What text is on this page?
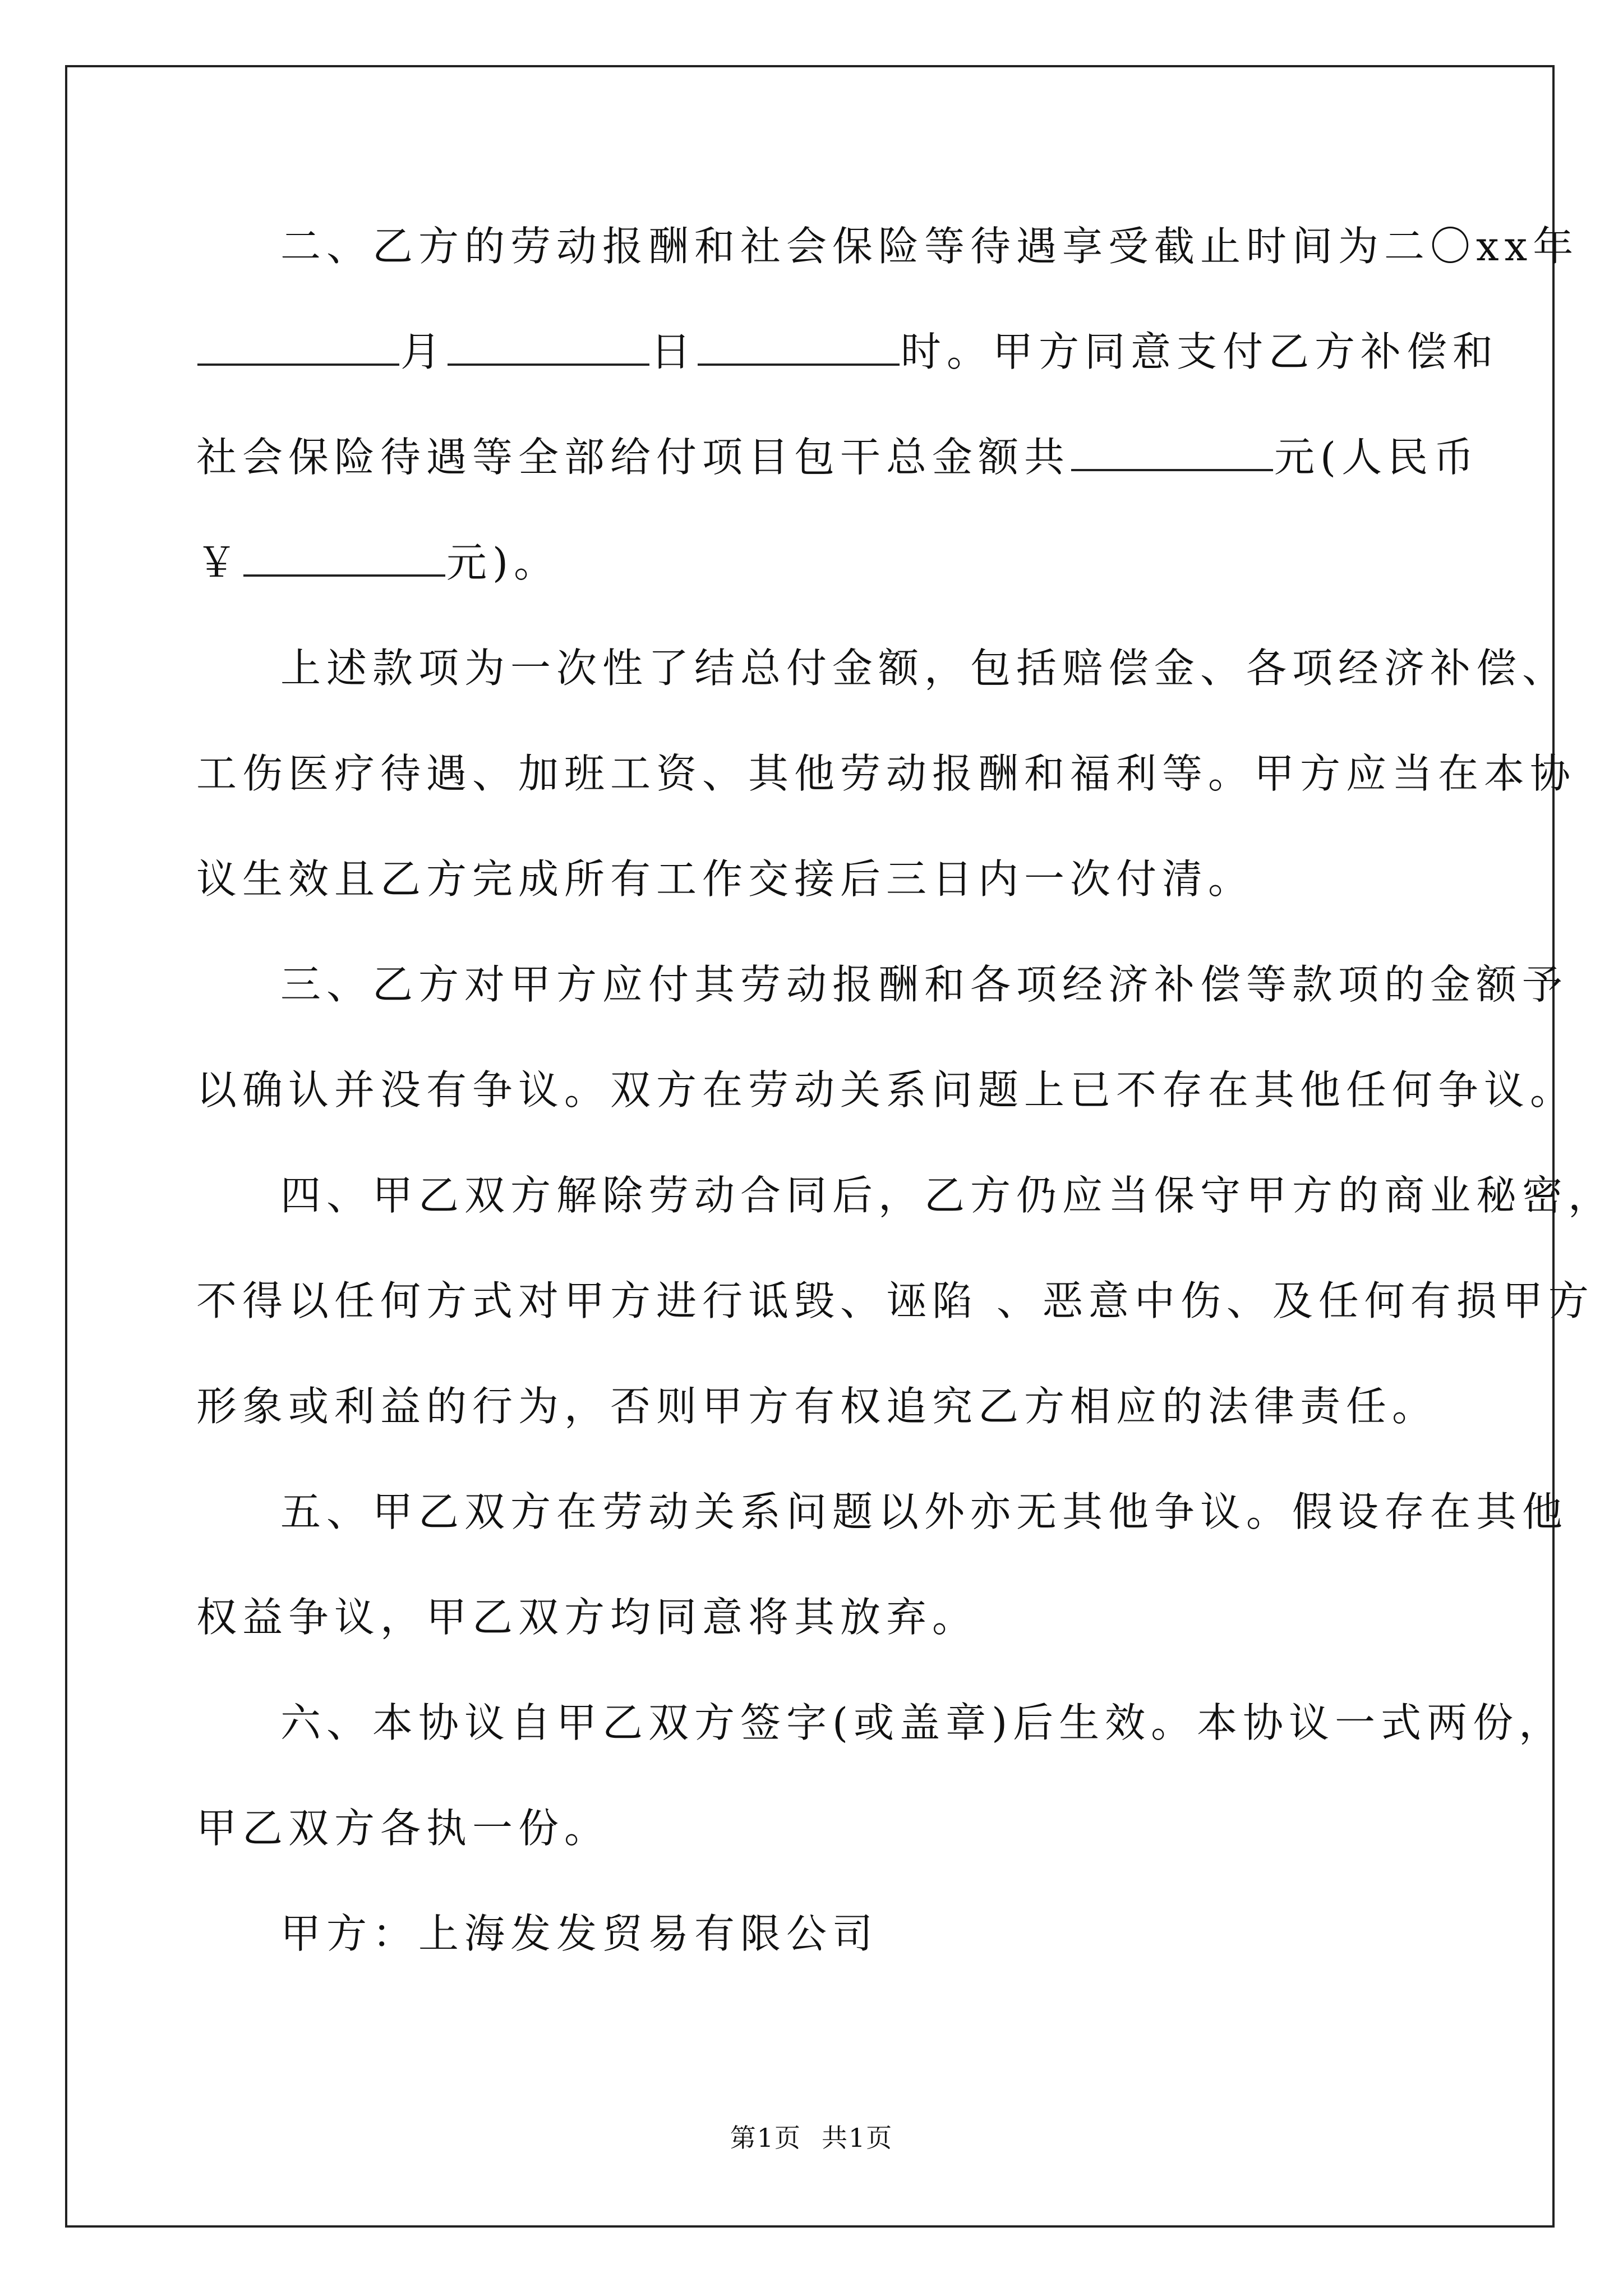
二、乙方的劳动报酬和社会保险等待遇享受截止时间为二〇xx年

月	日	时。甲方同意支付乙方补偿和

社会保险待遇等全部给付项目包干总金额共	元(人民币

￥	元)。

上述款项为一次性了结总付金额，包括赔偿金、各项经济补偿、

工伤医疗待遇、加班工资、其他劳动报酬和福利等。甲方应当在本协

议生效且乙方完成所有工作交接后三日内一次付清。

三、乙方对甲方应付其劳动报酬和各项经济补偿等款项的金额予

以确认并没有争议。双方在劳动关系问题上已不存在其他任何争议。

四、甲乙双方解除劳动合同后，乙方仍应当保守甲方的商业秘密，

不得以任何方式对甲方进行诋毁、诬陷 、恶意中伤、及任何有损甲方

形象或利益的行为，否则甲方有权追究乙方相应的法律责任。

五、甲乙双方在劳动关系问题以外亦无其他争议。假设存在其他

权益争议，甲乙双方均同意将其放弃。

六、本协议自甲乙双方签字(或盖章)后生效。本协议一式两份，

甲乙双方各执一份。

甲方：上海发发贸易有限公司

第1页 共1页
